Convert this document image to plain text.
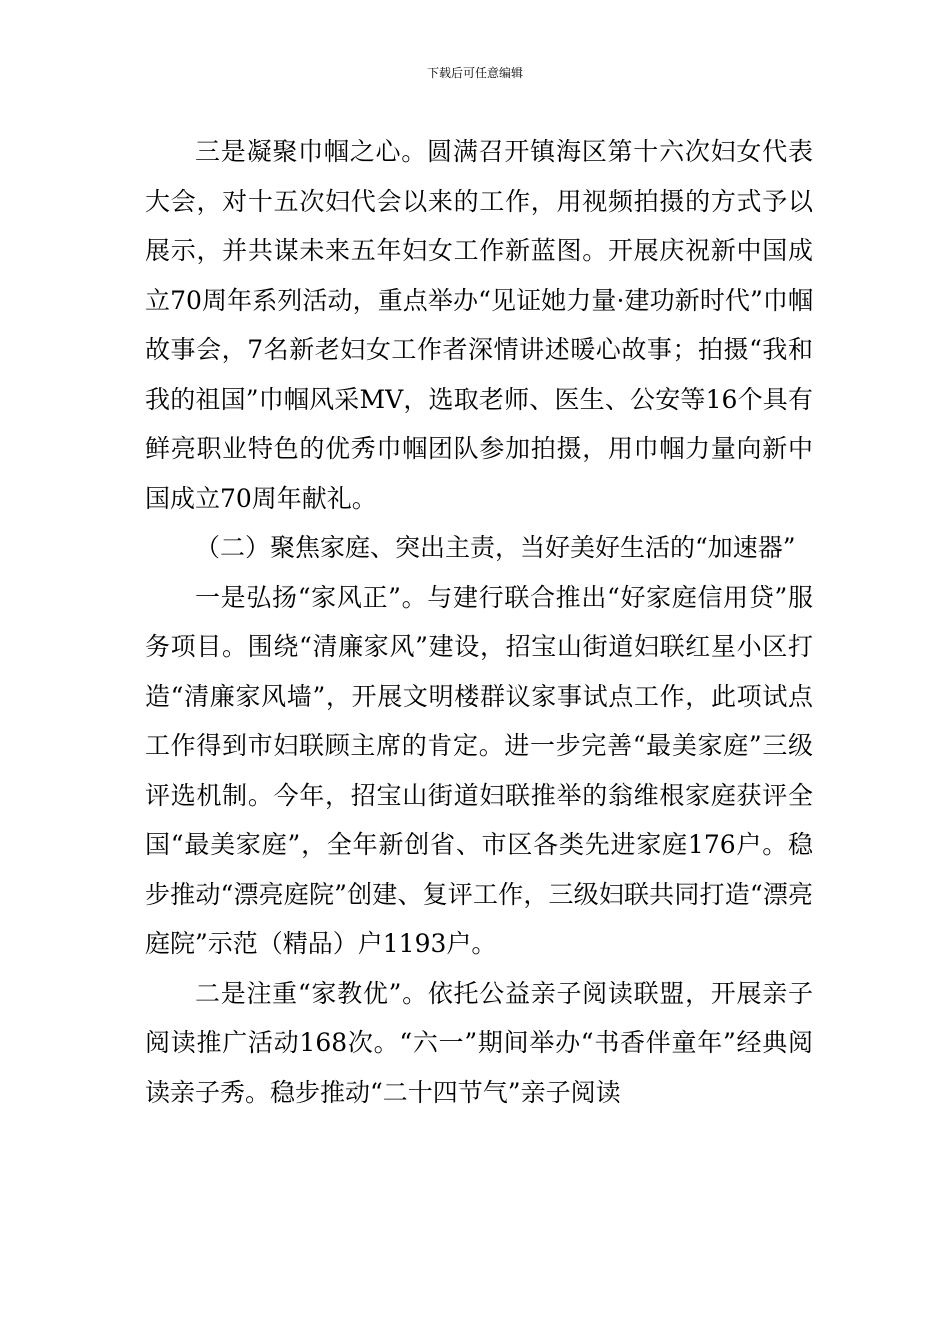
下载后可任意编辑

三是凝聚巾帼之心。圆满召开镇海区第十六次妇女代表大会，对十五次妇代会以来的工作，用视频拍摄的方式予以展示，并共谋未来五年妇女工作新蓝图。开展庆祝新中国成立70周年系列活动，重点举办“见证她力量·建功新时代”巾帼故事会，7名新老妇女工作者深情讲述暖心故事；拍摄“我和我的祖国”巾帼风采MV，选取老师、医生、公安等16个具有鲜亮职业特色的优秀巾帼团队参加拍摄，用巾帼力量向新中国成立70周年献礼。

（二）聚焦家庭、突出主责，当好美好生活的“加速器”

一是弘扬“家风正”。与建行联合推出“好家庭信用贷”服务项目。围绕“清廉家风”建设，招宝山街道妇联红星小区打造“清廉家风墙”，开展文明楼群议家事试点工作，此项试点工作得到市妇联顾主席的肯定。进一步完善“最美家庭”三级评选机制。今年，招宝山街道妇联推举的翁维根家庭获评全国“最美家庭”，全年新创省、市区各类先进家庭176户。稳步推动“漂亮庭院”创建、复评工作，三级妇联共同打造“漂亮庭院”示范（精品）户1193户。

二是注重“家教优”。依托公益亲子阅读联盟，开展亲子阅读推广活动168次。“六一”期间举办“书香伴童年”经典阅读亲子秀。稳步推动“二十四节气”亲子阅读
